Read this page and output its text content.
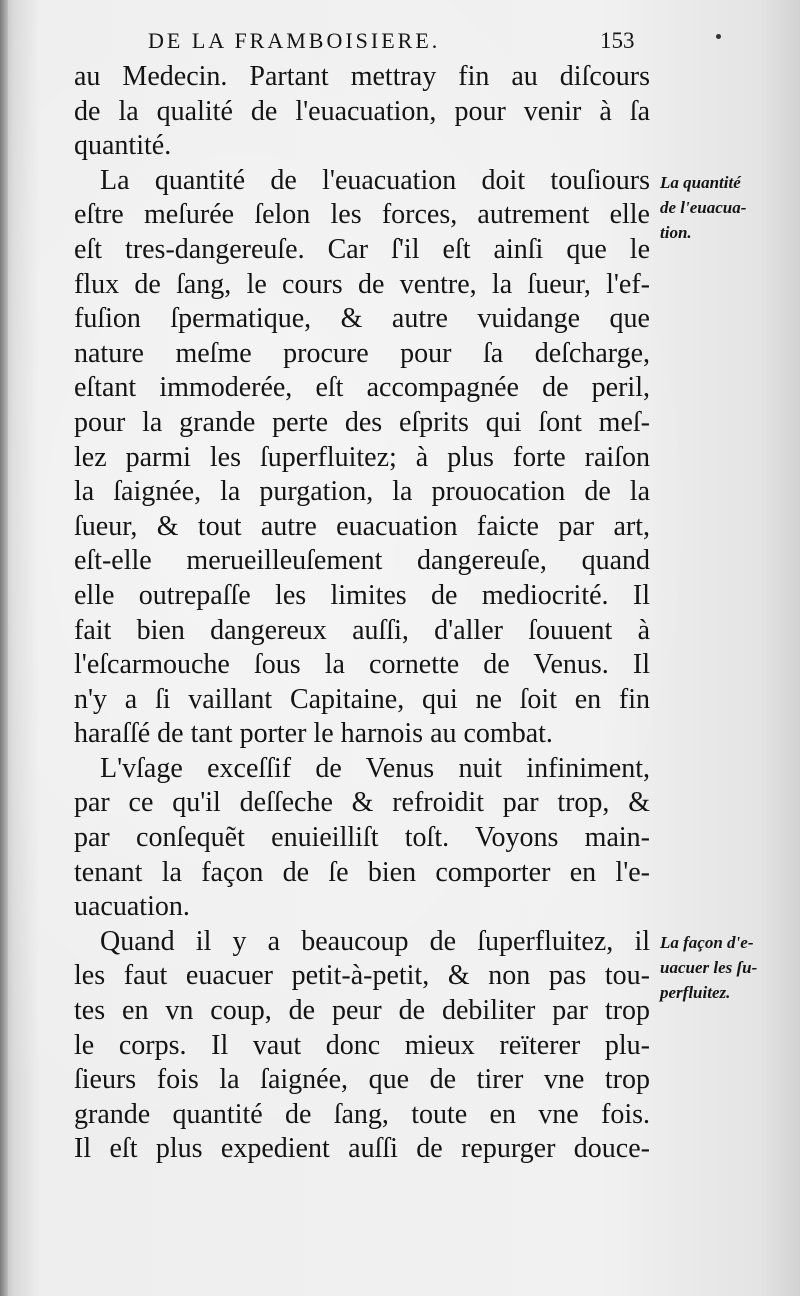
DE LA FRAMBOISIERE.	153
au Medecin. Partant mettray fin au diſcours
de la qualité de l'euacuation, pour venir à ſa
quantité.
La quantité de l'euacuation doit touſiours
eſtre meſurée ſelon les forces, autrement elle
eſt tres-dangereuſe. Car ſ'il eſt ainſi que le
flux de ſang, le cours de ventre, la ſueur, l'ef-
fuſion ſpermatique, & autre vuidange que
nature meſme procure pour ſa deſcharge,
eſtant immoderée, eſt accompagnée de peril,
pour la grande perte des eſprits qui ſont meſ-
lez parmi les ſuperfluitez; à plus forte raiſon
la ſaignée, la purgation, la prouocation de la
ſueur, & tout autre euacuation faicte par art,
eſt-elle merueilleuſement dangereuſe, quand
elle outrepaſſe les limites de mediocrité. Il
fait bien dangereux auſſi, d'aller ſouuent à
l'eſcarmouche ſous la cornette de Venus. Il
n'y a ſi vaillant Capitaine, qui ne ſoit en fin
haraſſé de tant porter le harnois au combat.
L'vſage exceſſif de Venus nuit infiniment,
par ce qu'il deſſeche & refroidit par trop, &
par conſequẽt enuieilliſt toſt. Voyons main-
tenant la façon de ſe bien comporter en l'e-
uacuation.
Quand il y a beaucoup de ſuperfluitez, il
les faut euacuer petit-à-petit, & non pas tou-
tes en vn coup, de peur de debiliter par trop
le corps. Il vaut donc mieux reïterer plu-
ſieurs fois la ſaignée, que de tirer vne trop
grande quantité de ſang, toute en vne fois.
Il eſt plus expedient auſſi de repurger douce-
La quantité
de l'euacua-
tion.
La façon d'e-
uacuer les ſu-
perfluitez.
